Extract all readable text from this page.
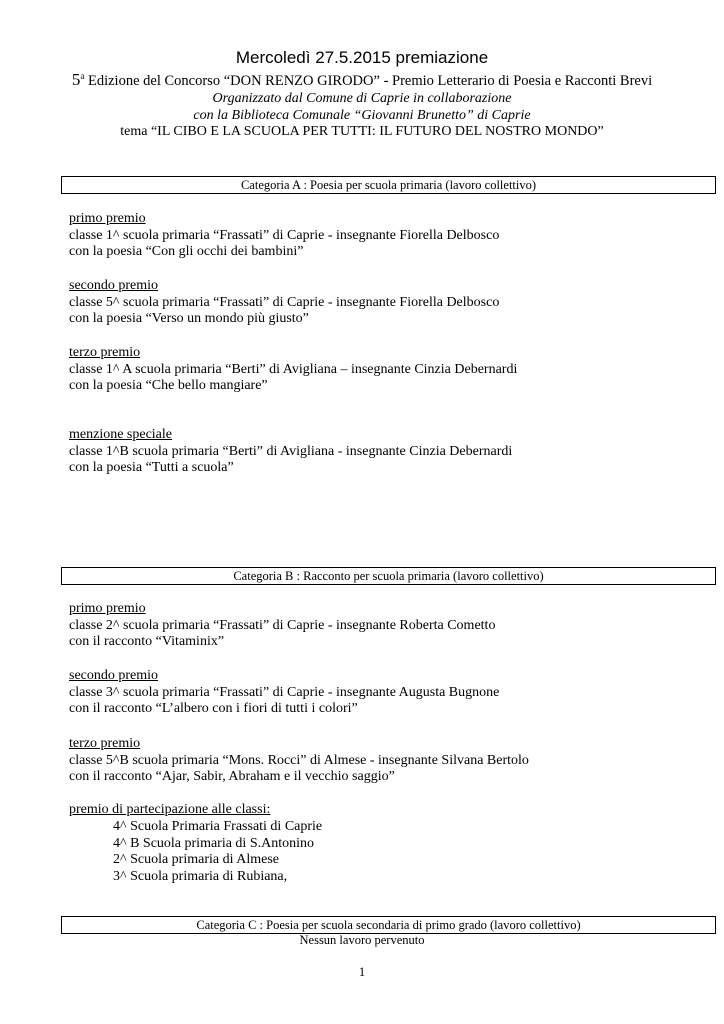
Mercoledì 27.5.2015 premiazione
5$^a$ Edizione del Concorso “DON RENZO GIRODO” - Premio Letterario di Poesia e Racconti Brevi
Organizzato dal Comune di Caprie in collaborazione
con la Biblioteca Comunale “Giovanni Brunetto” di Caprie
tema “IL CIBO E LA SCUOLA PER TUTTI: IL FUTURO DEL NOSTRO MONDO”
Categoria A : Poesia per scuola primaria (lavoro collettivo)
primo premio
classe 1^ scuola primaria “Frassati” di Caprie - insegnante Fiorella Delbosco
con la poesia “Con gli occhi dei bambini”
secondo premio
classe 5^ scuola primaria “Frassati” di Caprie - insegnante Fiorella Delbosco
con la poesia “Verso un mondo più giusto”
terzo premio
classe 1^ A scuola primaria “Berti” di Avigliana – insegnante Cinzia Debernardi
con la poesia “Che bello mangiare”
menzione speciale
classe 1^B scuola primaria “Berti” di Avigliana - insegnante Cinzia Debernardi
con la poesia “Tutti a scuola”
Categoria B : Racconto per scuola primaria (lavoro collettivo)
primo premio
classe 2^ scuola primaria “Frassati” di Caprie - insegnante Roberta Cometto
con il racconto “Vitaminix”
secondo premio
classe 3^ scuola primaria “Frassati” di Caprie - insegnante Augusta Bugnone
con il racconto “L’albero con i fiori di tutti i colori”
terzo premio
classe 5^B scuola primaria “Mons. Rocci” di Almese - insegnante Silvana Bertolo
con il racconto “Ajar, Sabir, Abraham e il vecchio saggio”
premio di partecipazione alle classi:
4^ Scuola Primaria Frassati di Caprie
4^ B Scuola primaria di S.Antonino
2^ Scuola primaria di Almese
3^ Scuola primaria di Rubiana,
Categoria C : Poesia per scuola secondaria di primo grado (lavoro collettivo)
Nessun lavoro pervenuto
1
